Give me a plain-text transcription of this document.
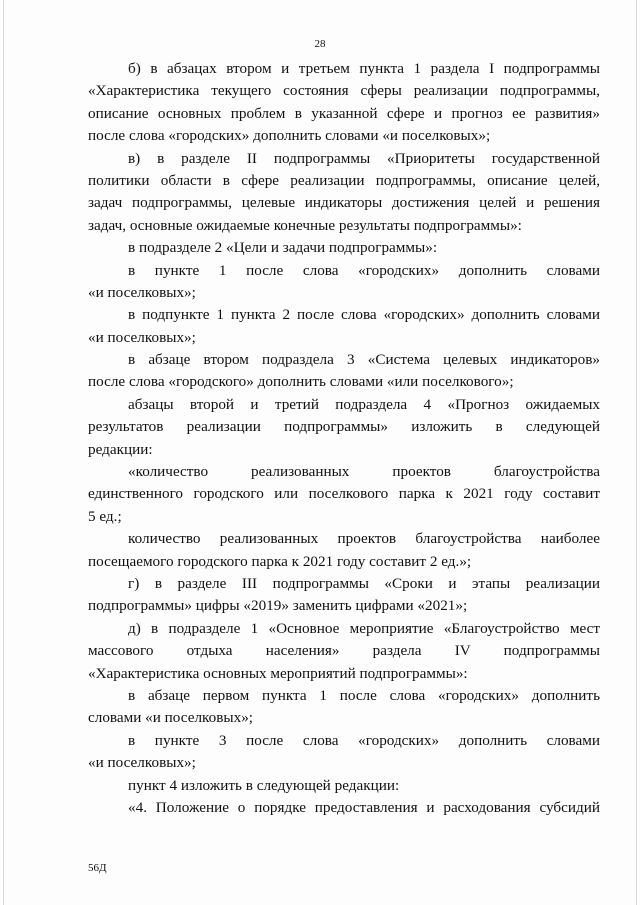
28
б) в абзацах втором и третьем пункта 1 раздела I подпрограммы
«Характеристика текущего состояния сферы реализации подпрограммы,
описание основных проблем в указанной сфере и прогноз ее развития»
после слова «городских» дополнить словами «и поселковых»;
в) в разделе II подпрограммы «Приоритеты государственной
политики области в сфере реализации подпрограммы, описание целей,
задач подпрограммы, целевые индикаторы достижения целей и решения
задач, основные ожидаемые конечные результаты подпрограммы»:
в подразделе 2 «Цели и задачи подпрограммы»:
в пункте 1 после слова «городских» дополнить словами
«и поселковых»;
в подпункте 1 пункта 2 после слова «городских» дополнить словами
«и поселковых»;
в абзаце втором подраздела 3 «Система целевых индикаторов»
после слова «городского» дополнить словами «или поселкового»;
абзацы второй и третий подраздела 4 «Прогноз ожидаемых
результатов реализации подпрограммы» изложить в следующей
редакции:
«количество реализованных проектов благоустройства
единственного городского или поселкового парка к 2021 году составит
5 ед.;
количество реализованных проектов благоустройства наиболее
посещаемого городского парка к 2021 году составит 2 ед.»;
г) в разделе III подпрограммы «Сроки и этапы реализации
подпрограммы» цифры «2019» заменить цифрами «2021»;
д) в подразделе 1 «Основное мероприятие «Благоустройство мест
массового отдыха населения» раздела IV подпрограммы
«Характеристика основных мероприятий подпрограммы»:
в абзаце первом пункта 1 после слова «городских» дополнить
словами «и поселковых»;
в пункте 3 после слова «городских» дополнить словами
«и поселковых»;
пункт 4 изложить в следующей редакции:
«4. Положение о порядке предоставления и расходования субсидий
56Д
